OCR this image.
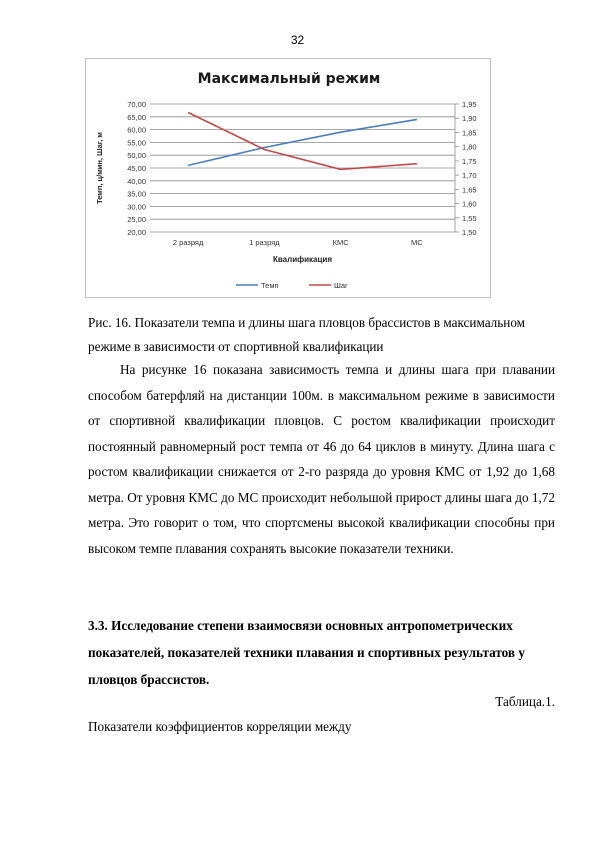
32
Максимальный режим
70,00
65,00
60,00
55,00
50,00
45,00
40,00
35,00
30,00
25,00
20,00
1,95
1,90
1,85
1,80
1,75
1,70
1,65
1,60
1,55
1,50
2 разряд	1 разряд	КМС	МС
Квалификация
Темп, ц/мин, Шаг, м
Темп	Шаг
Рис. 16. Показатели темпа и длины шага пловцов брассистов в максимальном режиме в зависимости от спортивной квалификации
На рисунке 16 показана зависимость темпа и длины шага при плавании способом батерфляй на дистанции 100м. в максимальном режиме в зависимости от спортивной квалификации пловцов. С ростом квалификации происходит постоянный равномерный рост темпа от 46 до 64 циклов в минуту. Длина шага с ростом квалификации снижается от 2-го разряда до уровня КМС от 1,92 до 1,68 метра. От уровня КМС до МС происходит небольшой прирост длины шага до 1,72 метра. Это говорит о том, что спортсмены высокой квалификации способны при высоком темпе плавания сохранять высокие показатели техники.
3.3. Исследование степени взаимосвязи основных антропометрических показателей, показателей техники плавания и спортивных результатов у пловцов брассистов.
Таблица.1.
Показатели коэффициентов корреляции между
